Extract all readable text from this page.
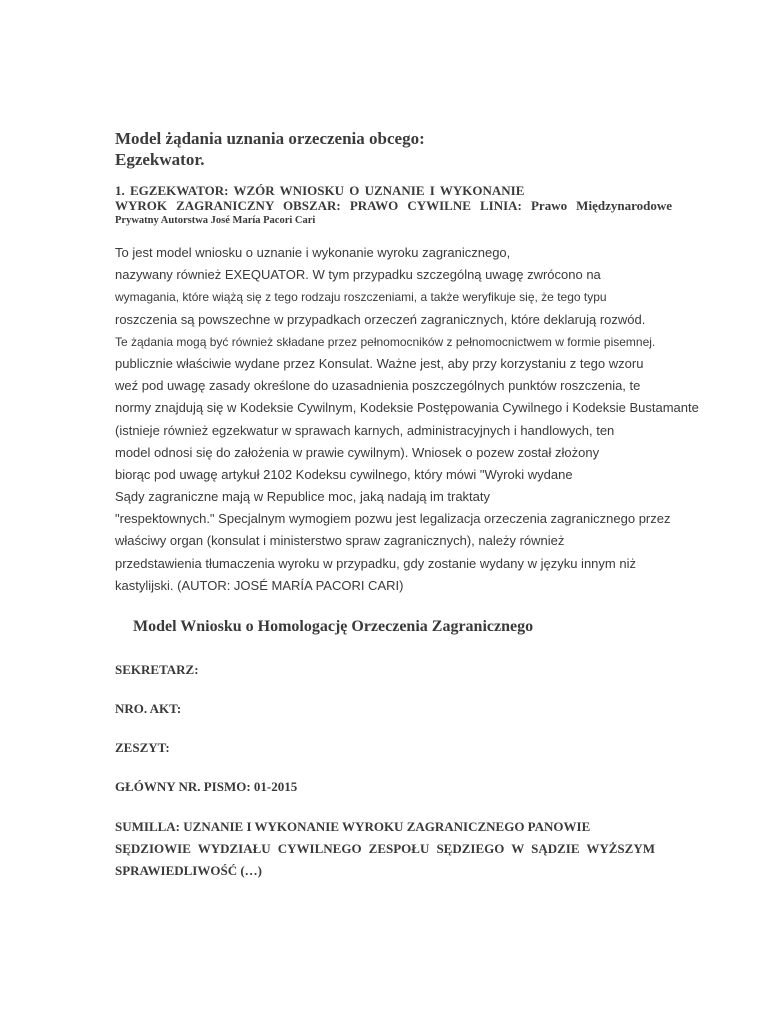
Model żądania uznania orzeczenia obcego:
Egzekwator.
1. EGZEKWATOR: WZÓR WNIOSKU O UZNANIE I WYKONANIE
WYROK ZAGRANICZNY OBSZAR: PRAWO CYWILNE LINIA: Prawo Międzynarodowe
Prywatny Autorstwa José María Pacori Cari
To jest model wniosku o uznanie i wykonanie wyroku zagranicznego,
nazywany również EXEQUATOR. W tym przypadku szczególną uwagę zwrócono na
wymagania, które wiążą się z tego rodzaju roszczeniami, a także weryfikuje się, że tego typu
roszczenia są powszechne w przypadkach orzeczeń zagranicznych, które deklarują rozwód.
Te żądania mogą być również składane przez pełnomocników z pełnomocnictwem w formie pisemnej.
publicznie właściwie wydane przez Konsulat. Ważne jest, aby przy korzystaniu z tego wzoru
weź pod uwagę zasady określone do uzasadnienia poszczególnych punktów roszczenia, te
normy znajdują się w Kodeksie Cywilnym, Kodeksie Postępowania Cywilnego i Kodeksie Bustamante
(istnieje również egzekwatur w sprawach karnych, administracyjnych i handlowych, ten
model odnosi się do założenia w prawie cywilnym). Wniosek o pozew został złożony
biorąc pod uwagę artykuł 2102 Kodeksu cywilnego, który mówi "Wyroki wydane
Sądy zagraniczne mają w Republice moc, jaką nadają im traktaty
"respektownych." Specjalnym wymogiem pozwu jest legalizacja orzeczenia zagranicznego przez
właściwy organ (konsulat i ministerstwo spraw zagranicznych), należy również
przedstawienia tłumaczenia wyroku w przypadku, gdy zostanie wydany w języku innym niż
kastylijski. (AUTOR: JOSÉ MARÍA PACORI CARI)
Model Wniosku o Homologację Orzeczenia Zagranicznego
SEKRETARZ:
NRO. AKT:
ZESZYT:
GŁÓWNY NR. PISMO: 01-2015
SUMILLA: UZNANIE I WYKONANIE WYROKU ZAGRANICZNEGO PANOWIE
SĘDZIOWIE WYDZIAŁU CYWILNEGO ZESPOŁU SĘDZIEGO W SĄDZIE WYŻSZYM
SPRAWIEDLIWOŚĆ (…)
